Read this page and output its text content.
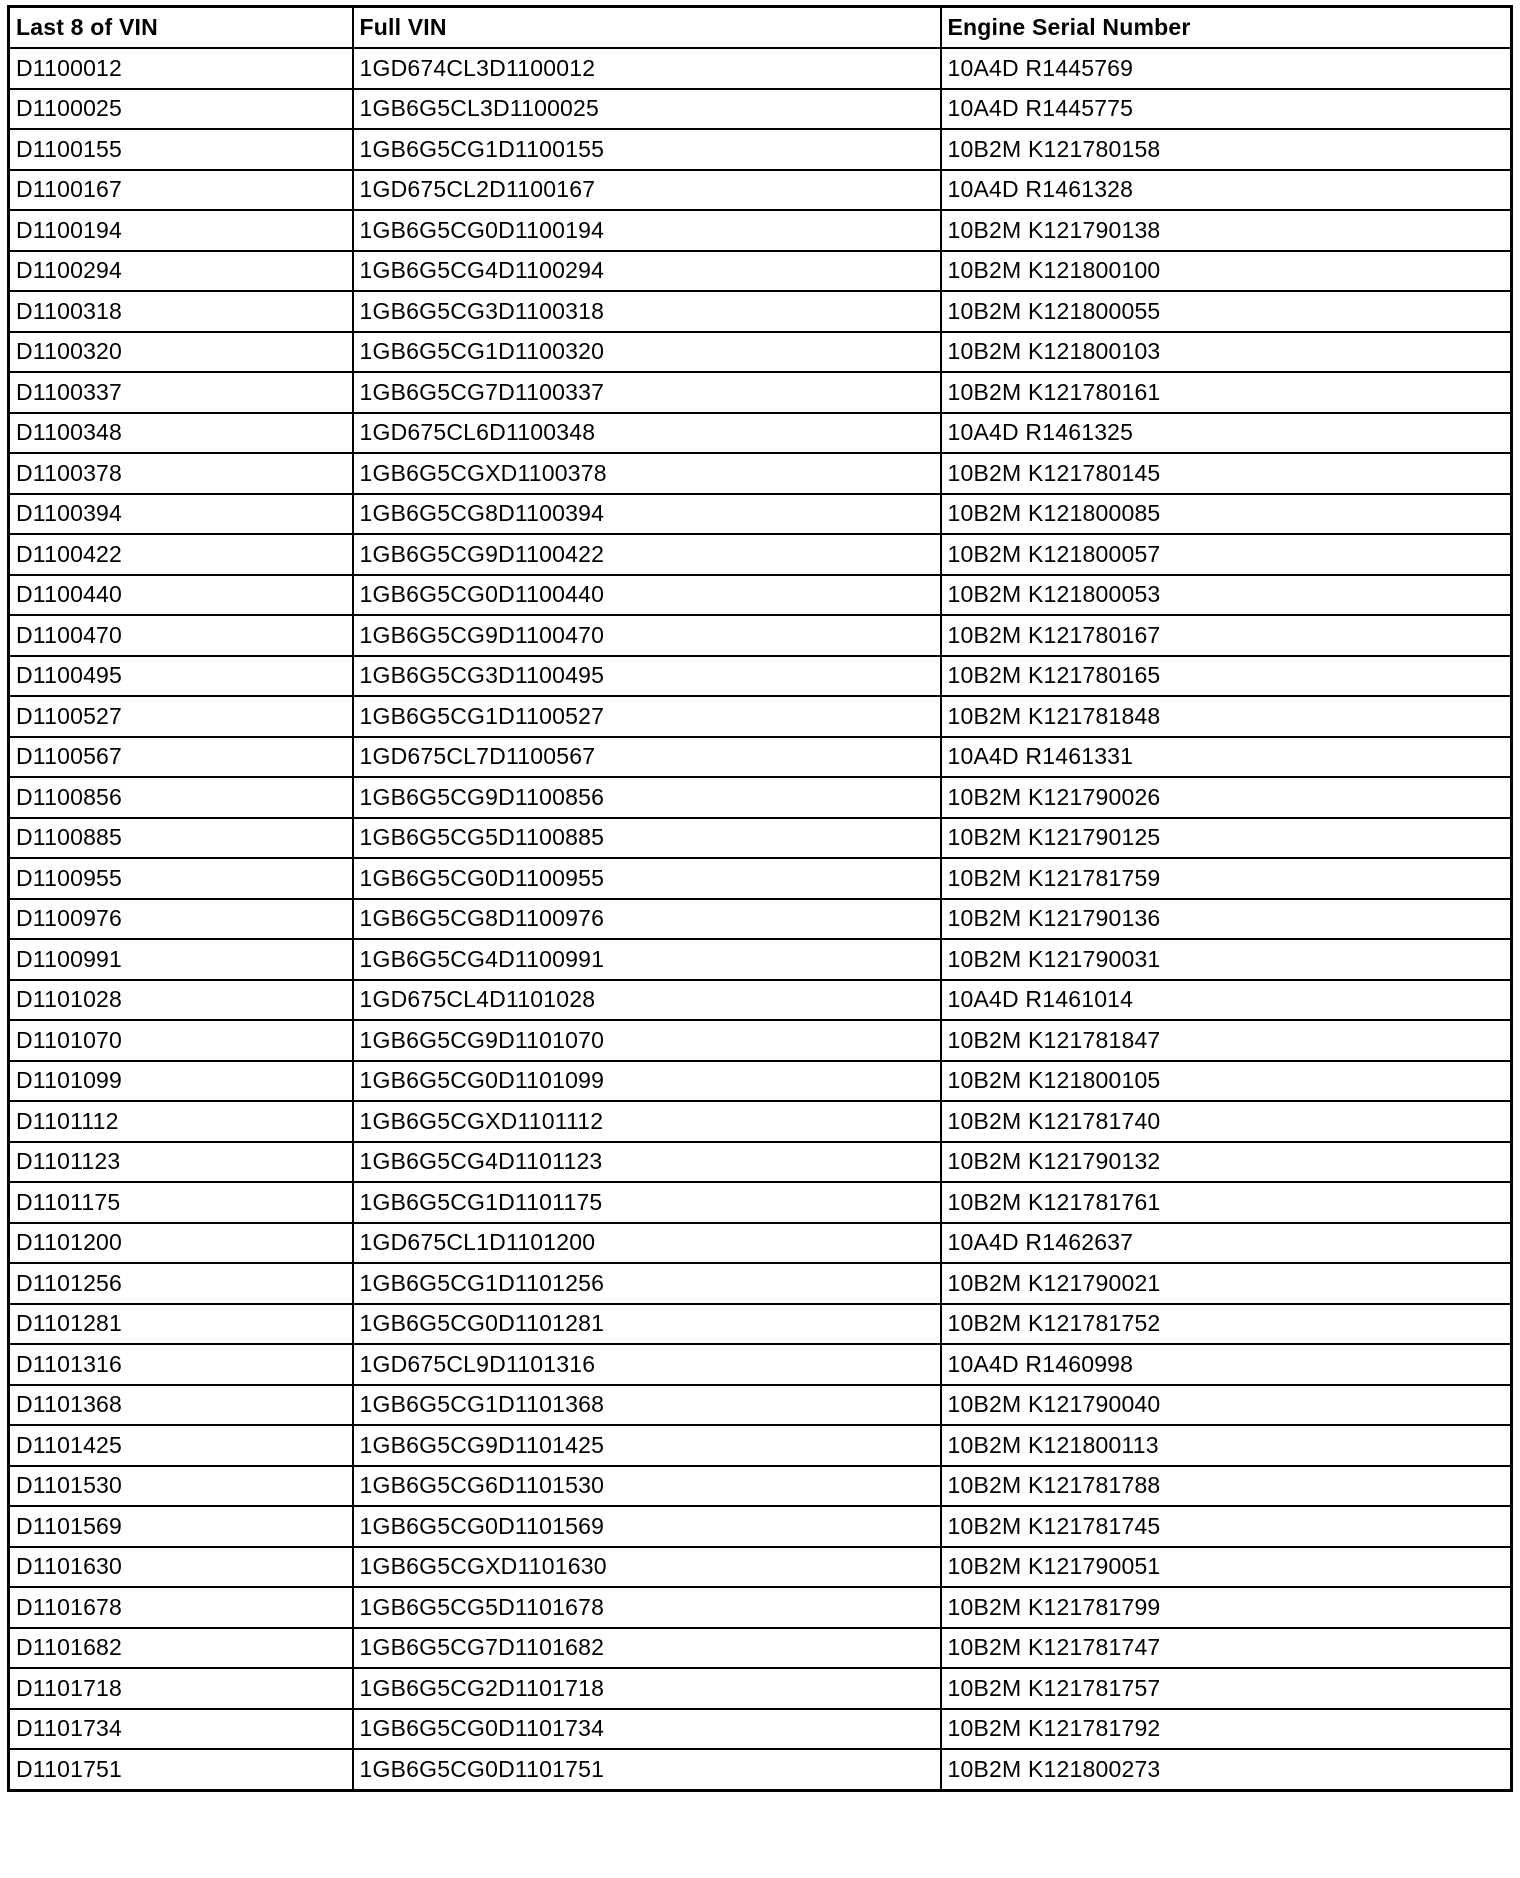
Last 8 of VIN	Full VIN	Engine Serial Number
D1100012	1GD674CL3D1100012	10A4D R1445769
D1100025	1GB6G5CL3D1100025	10A4D R1445775
D1100155	1GB6G5CG1D1100155	10B2M K121780158
D1100167	1GD675CL2D1100167	10A4D R1461328
D1100194	1GB6G5CG0D1100194	10B2M K121790138
D1100294	1GB6G5CG4D1100294	10B2M K121800100
D1100318	1GB6G5CG3D1100318	10B2M K121800055
D1100320	1GB6G5CG1D1100320	10B2M K121800103
D1100337	1GB6G5CG7D1100337	10B2M K121780161
D1100348	1GD675CL6D1100348	10A4D R1461325
D1100378	1GB6G5CGXD1100378	10B2M K121780145
D1100394	1GB6G5CG8D1100394	10B2M K121800085
D1100422	1GB6G5CG9D1100422	10B2M K121800057
D1100440	1GB6G5CG0D1100440	10B2M K121800053
D1100470	1GB6G5CG9D1100470	10B2M K121780167
D1100495	1GB6G5CG3D1100495	10B2M K121780165
D1100527	1GB6G5CG1D1100527	10B2M K121781848
D1100567	1GD675CL7D1100567	10A4D R1461331
D1100856	1GB6G5CG9D1100856	10B2M K121790026
D1100885	1GB6G5CG5D1100885	10B2M K121790125
D1100955	1GB6G5CG0D1100955	10B2M K121781759
D1100976	1GB6G5CG8D1100976	10B2M K121790136
D1100991	1GB6G5CG4D1100991	10B2M K121790031
D1101028	1GD675CL4D1101028	10A4D R1461014
D1101070	1GB6G5CG9D1101070	10B2M K121781847
D1101099	1GB6G5CG0D1101099	10B2M K121800105
D1101112	1GB6G5CGXD1101112	10B2M K121781740
D1101123	1GB6G5CG4D1101123	10B2M K121790132
D1101175	1GB6G5CG1D1101175	10B2M K121781761
D1101200	1GD675CL1D1101200	10A4D R1462637
D1101256	1GB6G5CG1D1101256	10B2M K121790021
D1101281	1GB6G5CG0D1101281	10B2M K121781752
D1101316	1GD675CL9D1101316	10A4D R1460998
D1101368	1GB6G5CG1D1101368	10B2M K121790040
D1101425	1GB6G5CG9D1101425	10B2M K121800113
D1101530	1GB6G5CG6D1101530	10B2M K121781788
D1101569	1GB6G5CG0D1101569	10B2M K121781745
D1101630	1GB6G5CGXD1101630	10B2M K121790051
D1101678	1GB6G5CG5D1101678	10B2M K121781799
D1101682	1GB6G5CG7D1101682	10B2M K121781747
D1101718	1GB6G5CG2D1101718	10B2M K121781757
D1101734	1GB6G5CG0D1101734	10B2M K121781792
D1101751	1GB6G5CG0D1101751	10B2M K121800273
